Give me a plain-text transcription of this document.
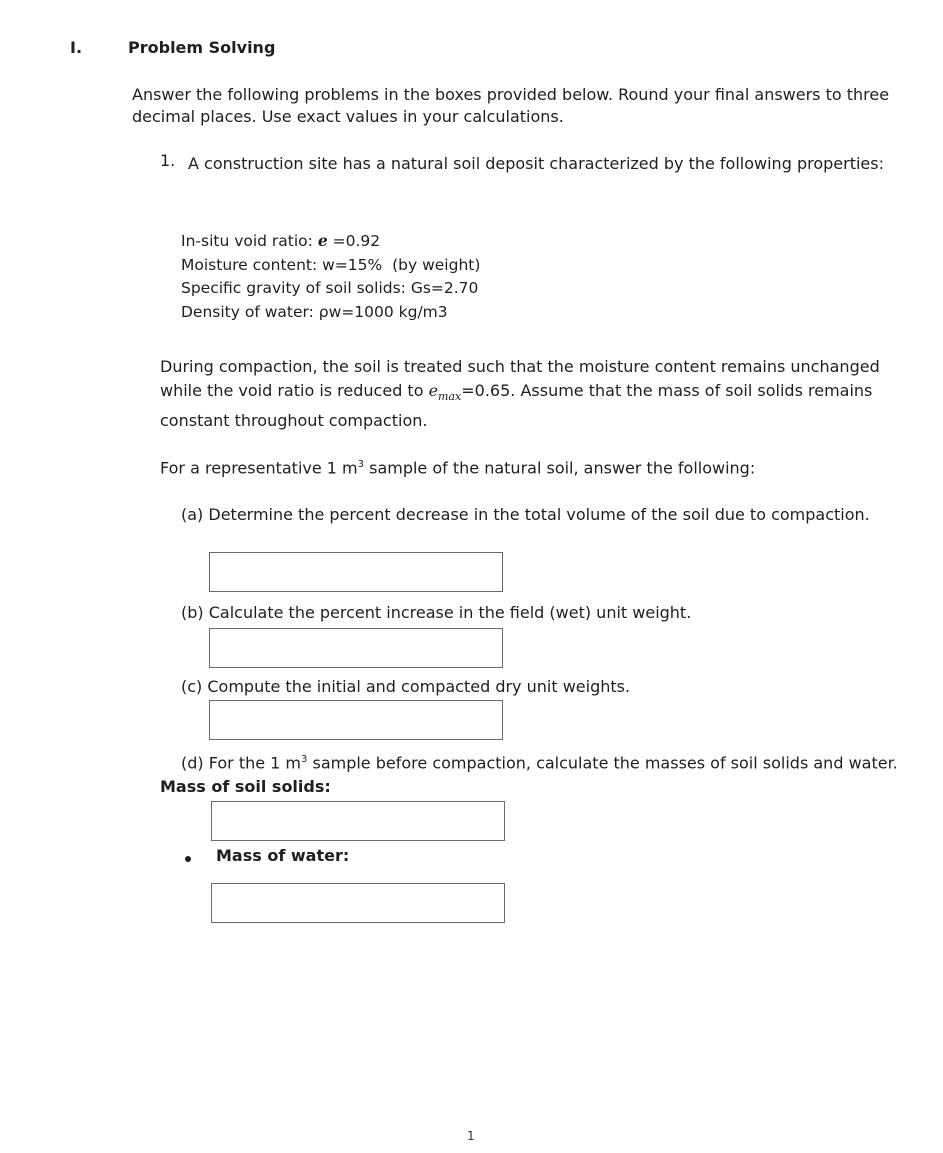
I.	Problem Solving
Answer the following problems in the boxes provided below. Round your final answers to three decimal places. Use exact values in your calculations.
1. A construction site has a natural soil deposit characterized by the following properties:
In-situ void ratio: e =0.92
Moisture content: w=15%  (by weight)
Specific gravity of soil solids: Gs=2.70
Density of water: ρw=1000 kg/m3
During compaction, the soil is treated such that the moisture content remains unchanged while the void ratio is reduced to $e_{max}=0.65$. Assume that the mass of soil solids remains constant throughout compaction.
For a representative 1 $m^3$ sample of the natural soil, answer the following:
(a) Determine the percent decrease in the total volume of the soil due to compaction.
(b) Calculate the percent increase in the field (wet) unit weight.
(c) Compute the initial and compacted dry unit weights.
(d) For the 1 $m^3$ sample before compaction, calculate the masses of soil solids and water. Mass of soil solids:
Mass of water:
1
